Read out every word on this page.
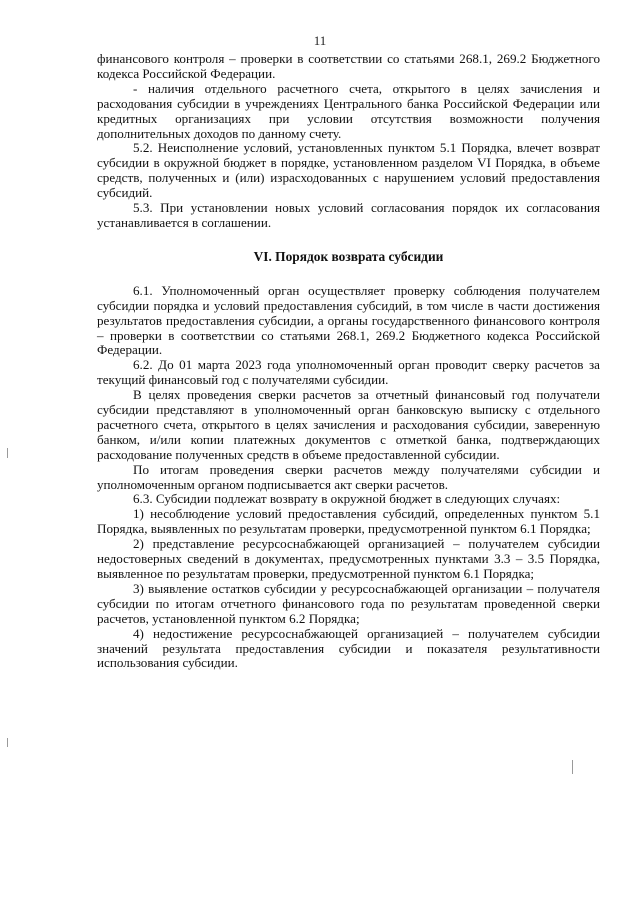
11

финансового контроля – проверки в соответствии со статьями 268.1, 269.2 Бюджетного кодекса Российской Федерации.

- наличия отдельного расчетного счета, открытого в целях зачисления и расходования субсидии в учреждениях Центрального банка Российской Федерации или кредитных организациях при условии отсутствия возможности получения дополнительных доходов по данному счету.

5.2. Неисполнение условий, установленных пунктом 5.1 Порядка, влечет возврат субсидии в окружной бюджет в порядке, установленном разделом VI Порядка, в объеме средств, полученных и (или) израсходованных с нарушением условий предоставления субсидий.

5.3. При установлении новых условий согласования порядок их согласования устанавливается в соглашении.

VI. Порядок возврата субсидии

6.1. Уполномоченный орган осуществляет проверку соблюдения получателем субсидии порядка и условий предоставления субсидий, в том числе в части достижения результатов предоставления субсидии, а органы государственного финансового контроля – проверки в соответствии со статьями 268.1, 269.2 Бюджетного кодекса Российской Федерации.

6.2. До 01 марта 2023 года уполномоченный орган проводит сверку расчетов за текущий финансовый год с получателями субсидии.

В целях проведения сверки расчетов за отчетный финансовый год получатели субсидии представляют в уполномоченный орган банковскую выписку с отдельного расчетного счета, открытого в целях зачисления и расходования субсидии, заверенную банком, и/или копии платежных документов с отметкой банка, подтверждающих расходование полученных средств в объеме предоставленной субсидии.

По итогам проведения сверки расчетов между получателями субсидии и уполномоченным органом подписывается акт сверки расчетов.

6.3. Субсидии подлежат возврату в окружной бюджет в следующих случаях:

1) несоблюдение условий предоставления субсидий, определенных пунктом 5.1 Порядка, выявленных по результатам проверки, предусмотренной пунктом 6.1 Порядка;

2) представление ресурсоснабжающей организацией – получателем субсидии недостоверных сведений в документах, предусмотренных пунктами 3.3 – 3.5 Порядка, выявленное по результатам проверки, предусмотренной пунктом 6.1 Порядка;

3) выявление остатков субсидии у ресурсоснабжающей организации – получателя субсидии по итогам отчетного финансового года по результатам проведенной сверки расчетов, установленной пунктом 6.2 Порядка;

4) недостижение ресурсоснабжающей организацией – получателем субсидии значений результата предоставления субсидии и показателя результативности использования субсидии.
